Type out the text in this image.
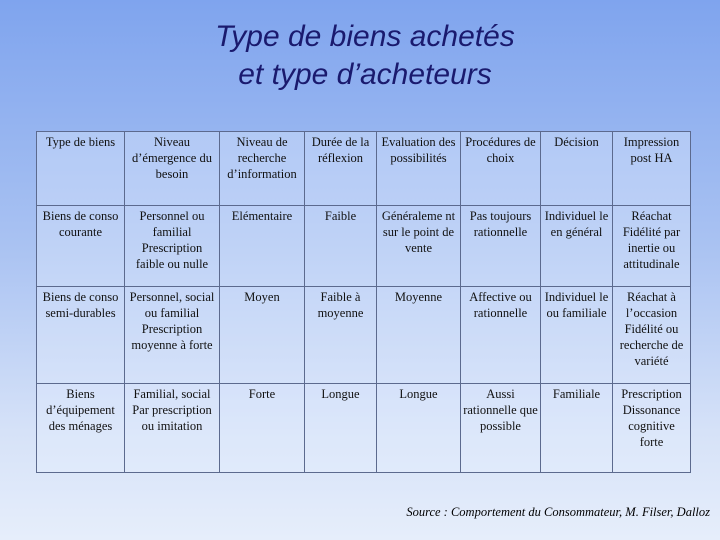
Type de biens achetés
et type d’acheteurs
Type de biens	Niveau d’émergence du besoin	Niveau de recherche d’information	Durée de la réflexion	Evaluation des possibilités	Procédures de choix	Décision	Impression post HA
Biens de conso courante	Personnel ou familial Prescription faible ou nulle	Elémentaire	Faible	Généraleme nt sur le point de vente	Pas toujours rationnelle	Individuel le en général	Réachat Fidélité par inertie ou attitudinale
Biens de conso semi-durables	Personnel, social ou familial Prescription moyenne à forte	Moyen	Faible à moyenne	Moyenne	Affective ou rationnelle	Individuel le ou familiale	Réachat à l’occasion Fidélité ou recherche de variété
Biens d’équipement des ménages	Familial, social Par prescription ou imitation	Forte	Longue	Longue	Aussi rationnelle que possible	Familiale	Prescription Dissonance cognitive forte
Source : Comportement du Consommateur, M. Filser, Dalloz
